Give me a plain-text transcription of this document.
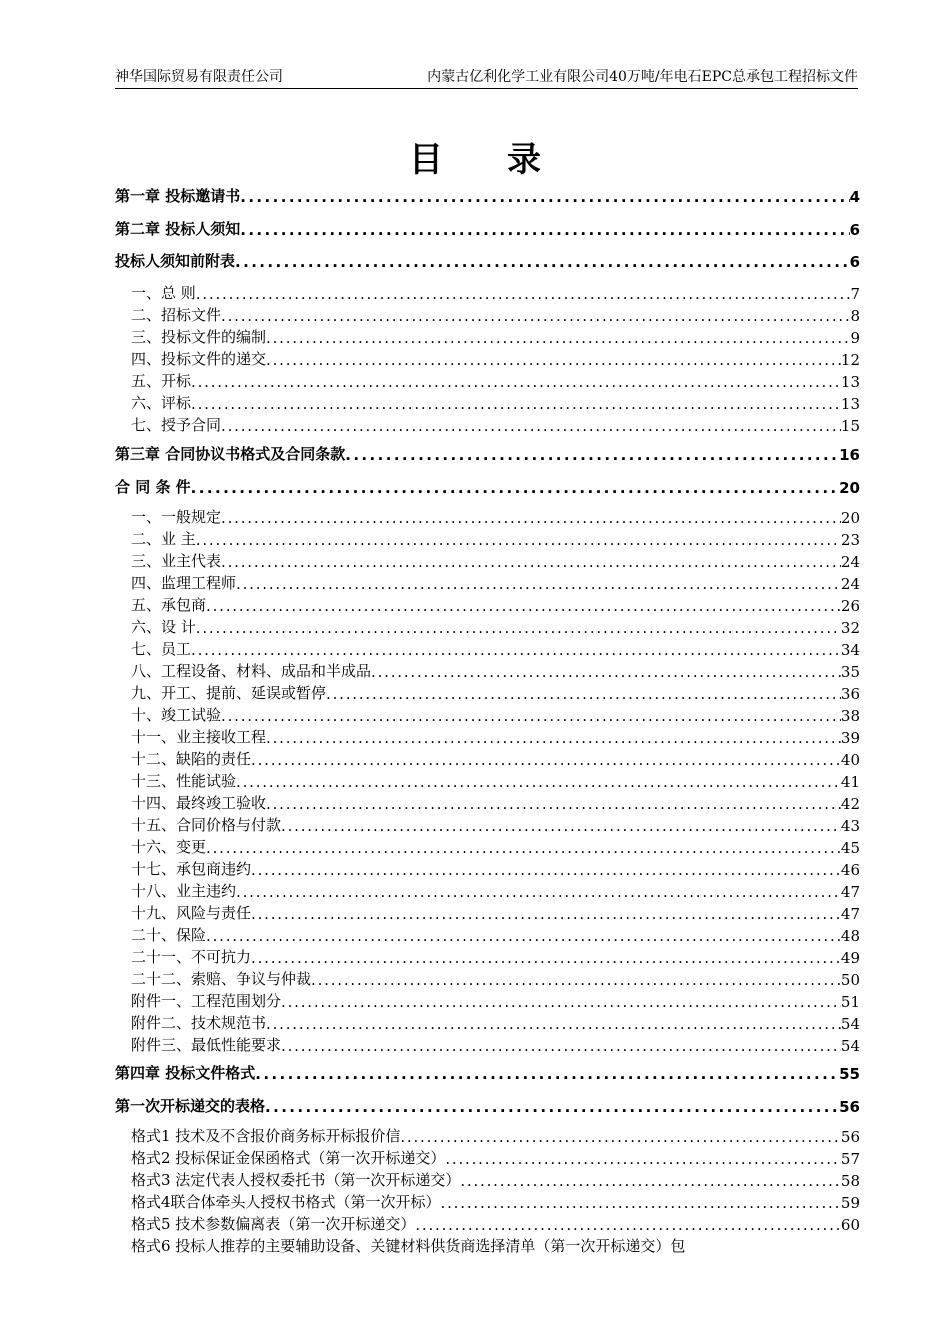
神华国际贸易有限责任公司	内蒙古亿利化学工业有限公司40万吨/年电石EPC总承包工程招标文件
目录
第一章 投标邀请书 .....	4
第二章 投标人须知 .....	6
投标人须知前附表 .....	6
一、总 则 .....	7
二、招标文件 .....	8
三、投标文件的编制 .....	9
四、投标文件的递交 .....	12
五、开标 .....	13
六、评标 .....	13
七、授予合同 .....	15
第三章 合同协议书格式及合同条款 .....	16
合 同 条 件 .....	20
一、一般规定 .....	20
二、业 主 .....	23
三、业主代表 .....	24
四、监理工程师 .....	24
五、承包商 .....	26
六、设 计 .....	32
七、员工 .....	34
八、工程设备、材料、成品和半成品 .....	35
九、开工、提前、延误或暂停 .....	36
十、竣工试验 .....	38
十一、业主接收工程 .....	39
十二、缺陷的责任 .....	40
十三、性能试验 .....	41
十四、最终竣工验收 .....	42
十五、合同价格与付款 .....	43
十六、变更 .....	45
十七、承包商违约 .....	46
十八、业主违约 .....	47
十九、风险与责任 .....	47
二十、保险 .....	48
二十一、不可抗力 .....	49
二十二、索赔、争议与仲裁 .....	50
附件一、工程范围划分 .....	51
附件二、技术规范书 .....	54
附件三、最低性能要求 .....	54
第四章 投标文件格式 .....	55
第一次开标递交的表格 .....	56
格式1 技术及不含报价商务标开标报价信 .....	56
格式2 投标保证金保函格式（第一次开标递交） .....	57
格式3 法定代表人授权委托书（第一次开标递交） .....	58
格式4联合体牵头人授权书格式（第一次开标） .....	59
格式5 技术参数偏离表（第一次开标递交） .....	60
格式6 投标人推荐的主要辅助设备、关键材料供货商选择清单（第一次开标递交）包
